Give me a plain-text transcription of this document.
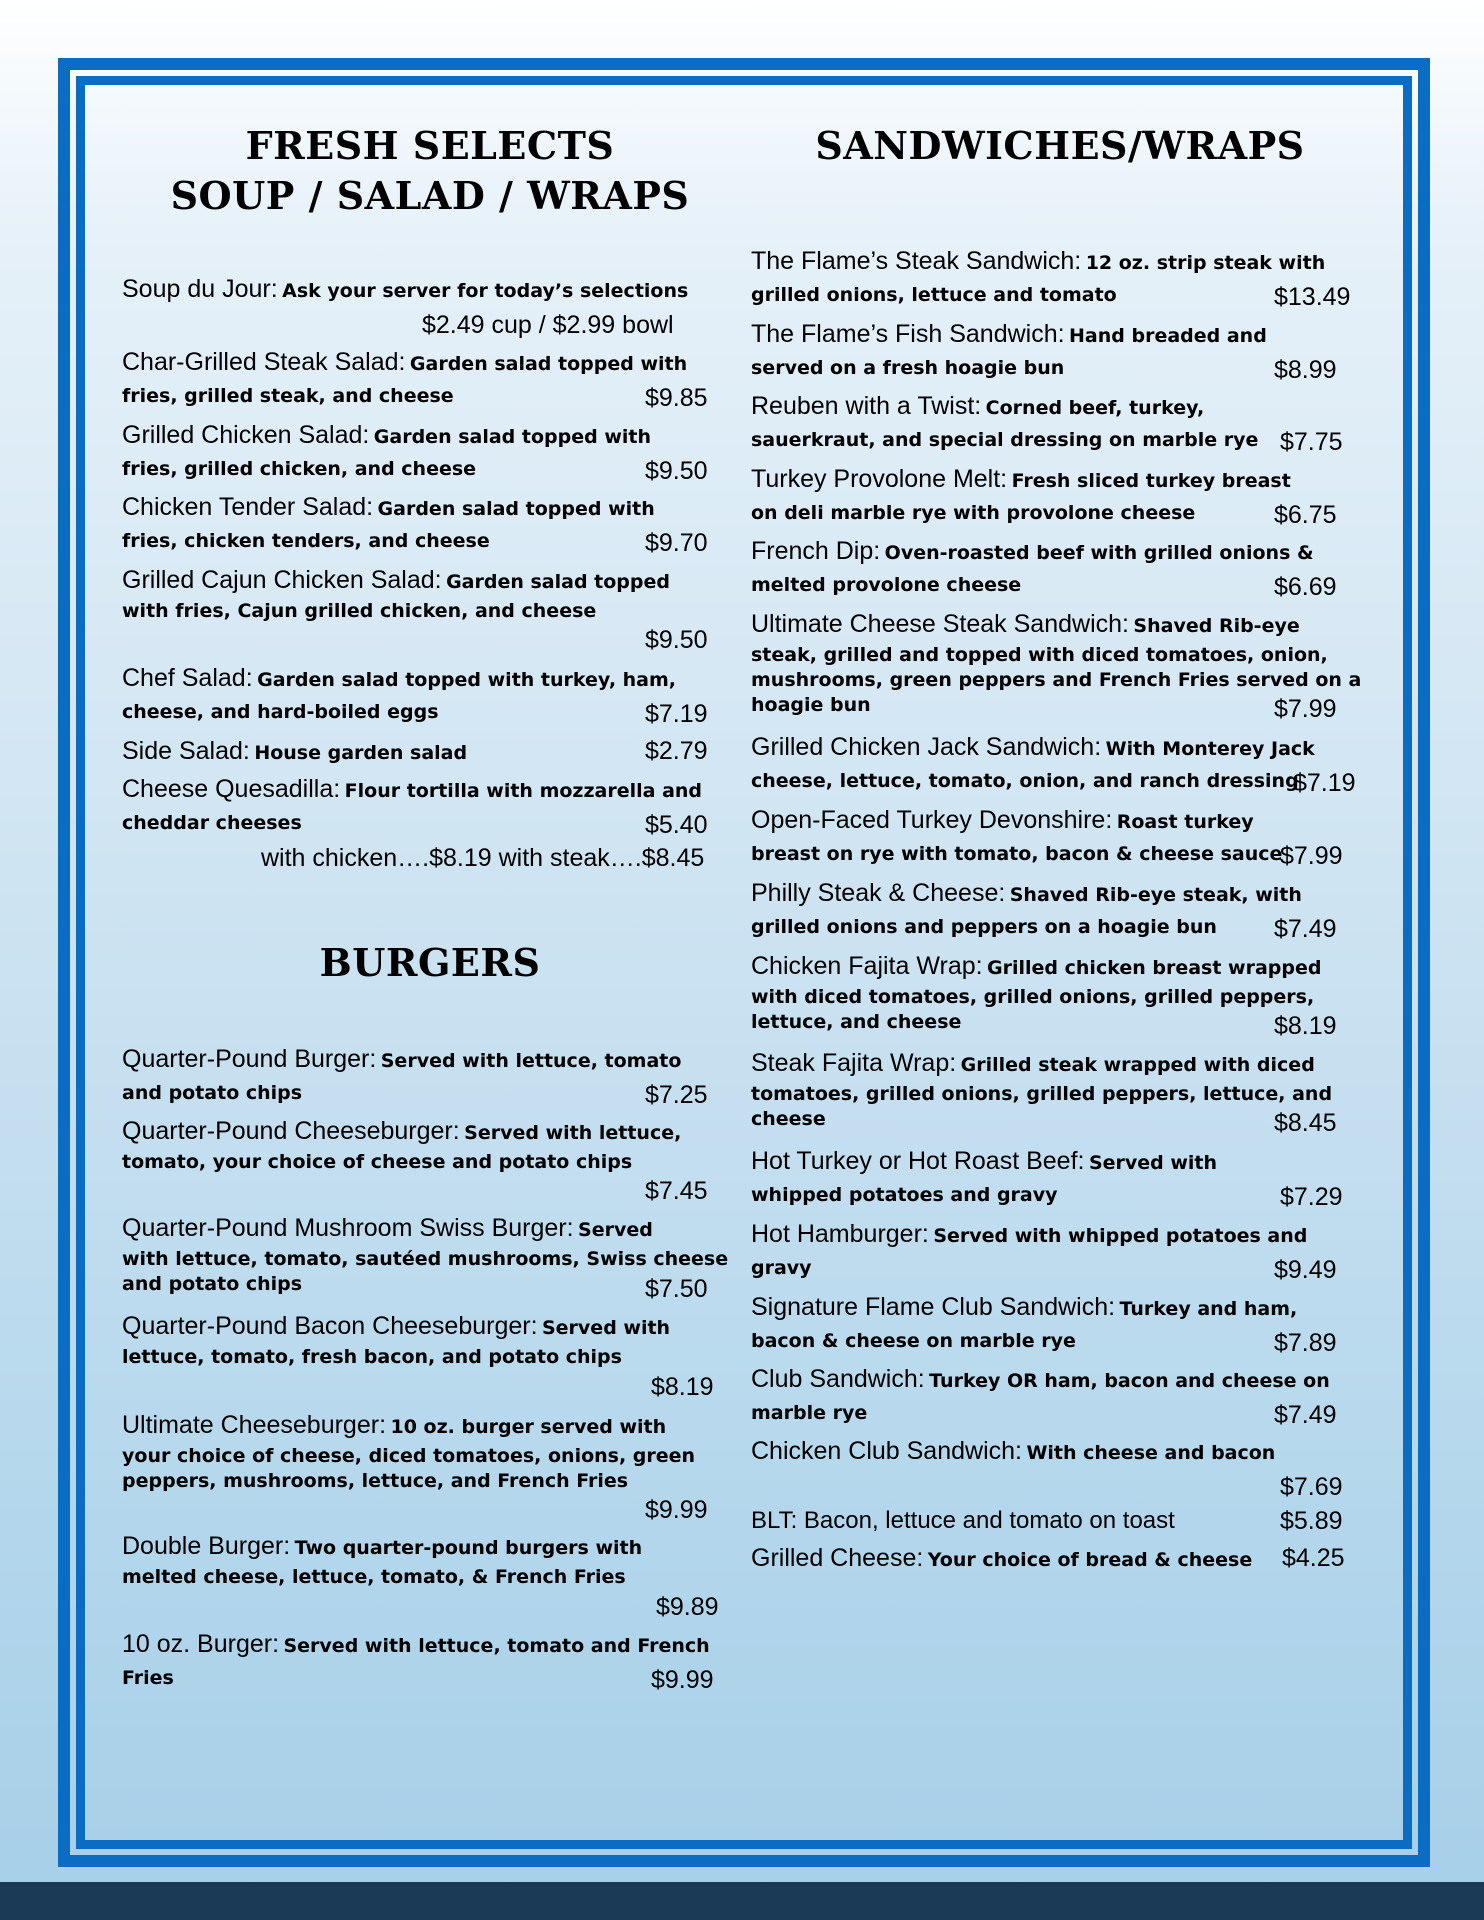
FRESH SELECTS
SOUP / SALAD / WRAPS
SANDWICHES/WRAPS
BURGERS
Soup du Jour: Ask your server for today’s selections
$2.49 cup / $2.99 bowl
Char-Grilled Steak Salad: Garden salad topped with
fries, grilled steak, and cheese	$9.85
Grilled Chicken Salad: Garden salad topped with
fries, grilled chicken, and cheese	$9.50
Chicken Tender Salad: Garden salad topped with
fries, chicken tenders, and cheese	$9.70
Grilled Cajun Chicken Salad: Garden salad topped
with fries, Cajun grilled chicken, and cheese
$9.50
Chef Salad: Garden salad topped with turkey, ham,
cheese, and hard-boiled eggs	$7.19
Side Salad: House garden salad	$2.79
Cheese Quesadilla: Flour tortilla with mozzarella and
cheddar cheeses	$5.40
with chicken….$8.19 with steak….$8.45
Quarter-Pound Burger: Served with lettuce, tomato
and potato chips	$7.25
Quarter-Pound Cheeseburger: Served with lettuce,
tomato, your choice of cheese and potato chips
$7.45
Quarter-Pound Mushroom Swiss Burger: Served
with lettuce, tomato, sautéed mushrooms, Swiss cheese
and potato chips	$7.50
Quarter-Pound Bacon Cheeseburger: Served with
lettuce, tomato, fresh bacon, and potato chips
$8.19
Ultimate Cheeseburger: 10 oz. burger served with
your choice of cheese, diced tomatoes, onions, green
peppers, mushrooms, lettuce, and French Fries
$9.99
Double Burger: Two quarter-pound burgers with
melted cheese, lettuce, tomato, & French Fries
$9.89
10 oz. Burger: Served with lettuce, tomato and French
Fries	$9.99
The Flame’s Steak Sandwich: 12 oz. strip steak with
grilled onions, lettuce and tomato	$13.49
The Flame’s Fish Sandwich: Hand breaded and
served on a fresh hoagie bun	$8.99
Reuben with a Twist: Corned beef, turkey,
sauerkraut, and special dressing on marble rye $7.75
Turkey Provolone Melt: Fresh sliced turkey breast
on deli marble rye with provolone cheese	$6.75
French Dip: Oven-roasted beef with grilled onions &
melted provolone cheese	$6.69
Ultimate Cheese Steak Sandwich: Shaved Rib-eye
steak, grilled and topped with diced tomatoes, onion,
mushrooms, green peppers and French Fries served on a
hoagie bun	$7.99
Grilled Chicken Jack Sandwich: With Monterey Jack
cheese, lettuce, tomato, onion, and ranch dressing
$7.19
Open-Faced Turkey Devonshire: Roast turkey
breast on rye with tomato, bacon & cheese sauce
$7.99
Philly Steak & Cheese: Shaved Rib-eye steak, with
grilled onions and peppers on a hoagie bun	$7.49
Chicken Fajita Wrap: Grilled chicken breast wrapped
with diced tomatoes, grilled onions, grilled peppers,
lettuce, and cheese	$8.19
Steak Fajita Wrap: Grilled steak wrapped with diced
tomatoes, grilled onions, grilled peppers, lettuce, and
cheese	$8.45
Hot Turkey or Hot Roast Beef: Served with
whipped potatoes and gravy	$7.29
Hot Hamburger: Served with whipped potatoes and
gravy	$9.49
Signature Flame Club Sandwich: Turkey and ham,
bacon & cheese on marble rye	$7.89
Club Sandwich: Turkey OR ham, bacon and cheese on
marble rye	$7.49
Chicken Club Sandwich: With cheese and bacon
$7.69
BLT: Bacon, lettuce and tomato on toast	$5.89
Grilled Cheese: Your choice of bread & cheese $4.25
